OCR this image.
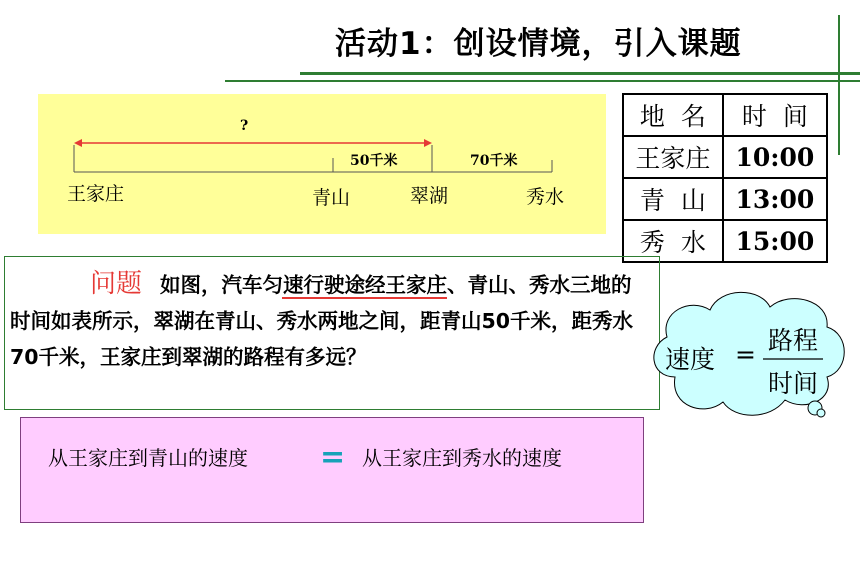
活动1：创设情境，引入课题
?
50千米	70千米
王家庄	青山	翠湖	秀水
地  名	时  间
王家庄	10:00
青  山	13:00
秀  水	15:00
问题 如图，汽车匀速行驶途经王家庄、青山、秀水三地的时间如表所示，翠湖在青山、秀水两地之间，距青山50千米，距秀水70千米，王家庄到翠湖的路程有多远？	速度 = 路程
时间
从王家庄到青山的速度 = 从王家庄到秀水的速度
